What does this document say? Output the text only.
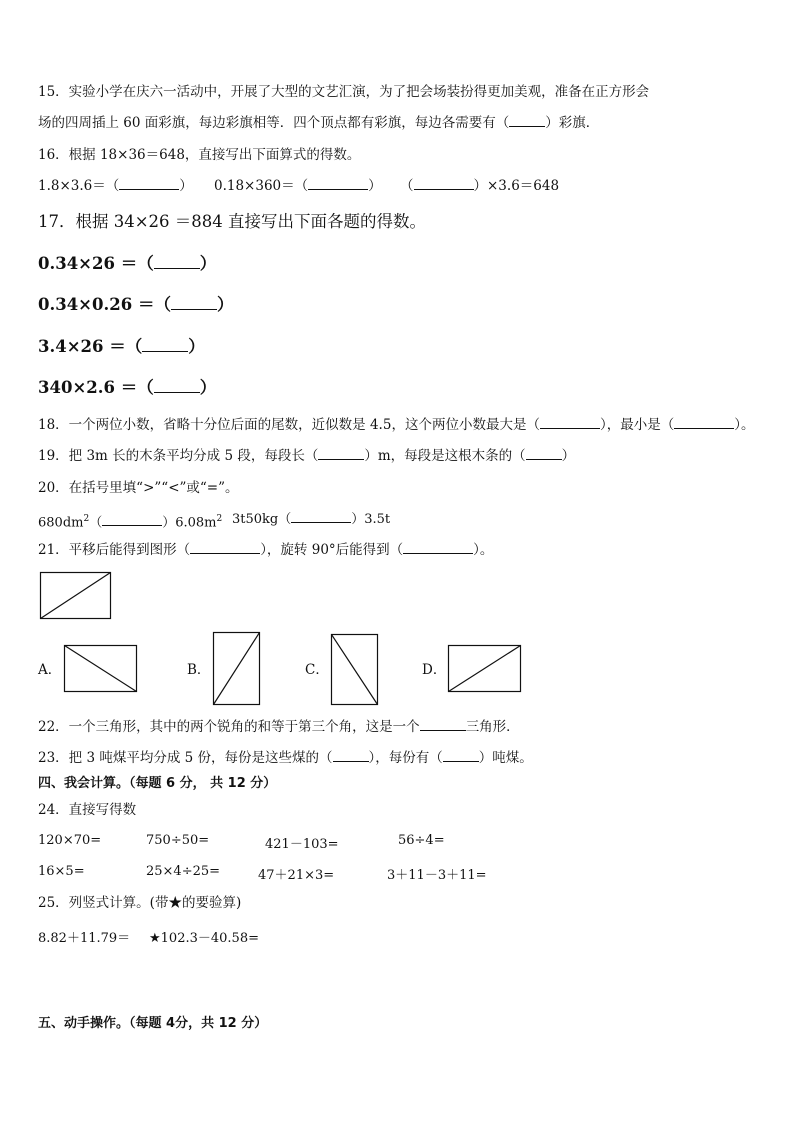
15．实验小学在庆六一活动中，开展了大型的文艺汇演，为了把会场装扮得更加美观，准备在正方形会
场的四周插上 60 面彩旗，每边彩旗相等．四个顶点都有彩旗，每边各需要有（	）彩旗．
16．根据 18×36＝648，直接写出下面算式的得数。
1.8×3.6＝（	） 0.18×360＝（	） （	）×3.6＝648
17．根据 34×26 ＝884 直接写出下面各题的得数。
0.34×26 ＝（	）
0.34×0.26 ＝（	）
3.4×26 ＝（	）
340×2.6 ＝（	）
18．一个两位小数，省略十分位后面的尾数，近似数是 4.5，这个两位小数最大是（	），最小是（	）。
19．把 3m 长的木条平均分成 5 段，每段长（	）m，每段是这根木条的（	）
20．在括号里填“>”“<”或“=”。
$680dm^2$（	）$6.08m^2$ 3t50kg（	）3.5t
21．平移后能得到图形（	），旋转 90°后能得到（	）。
A．	B．	C．	D．
22．一个三角形，其中的两个锐角的和等于第三个角，这是一个	三角形．
23．把 3 吨煤平均分成 5 份，每份是这些煤的（	），每份有（	）吨煤。
四、我会计算。（每题 6 分， 共 12 分）
24．直接写得数
120×70=	750÷50=	421－103=	56÷4=
16×5=	25×4÷25=	47＋21×3=	3＋11－3＋11=
25．列竖式计算。(带★的要验算)
8.82＋11.79＝ ★102.3－40.58=
五、动手操作。（每题 4分，共 12 分）
